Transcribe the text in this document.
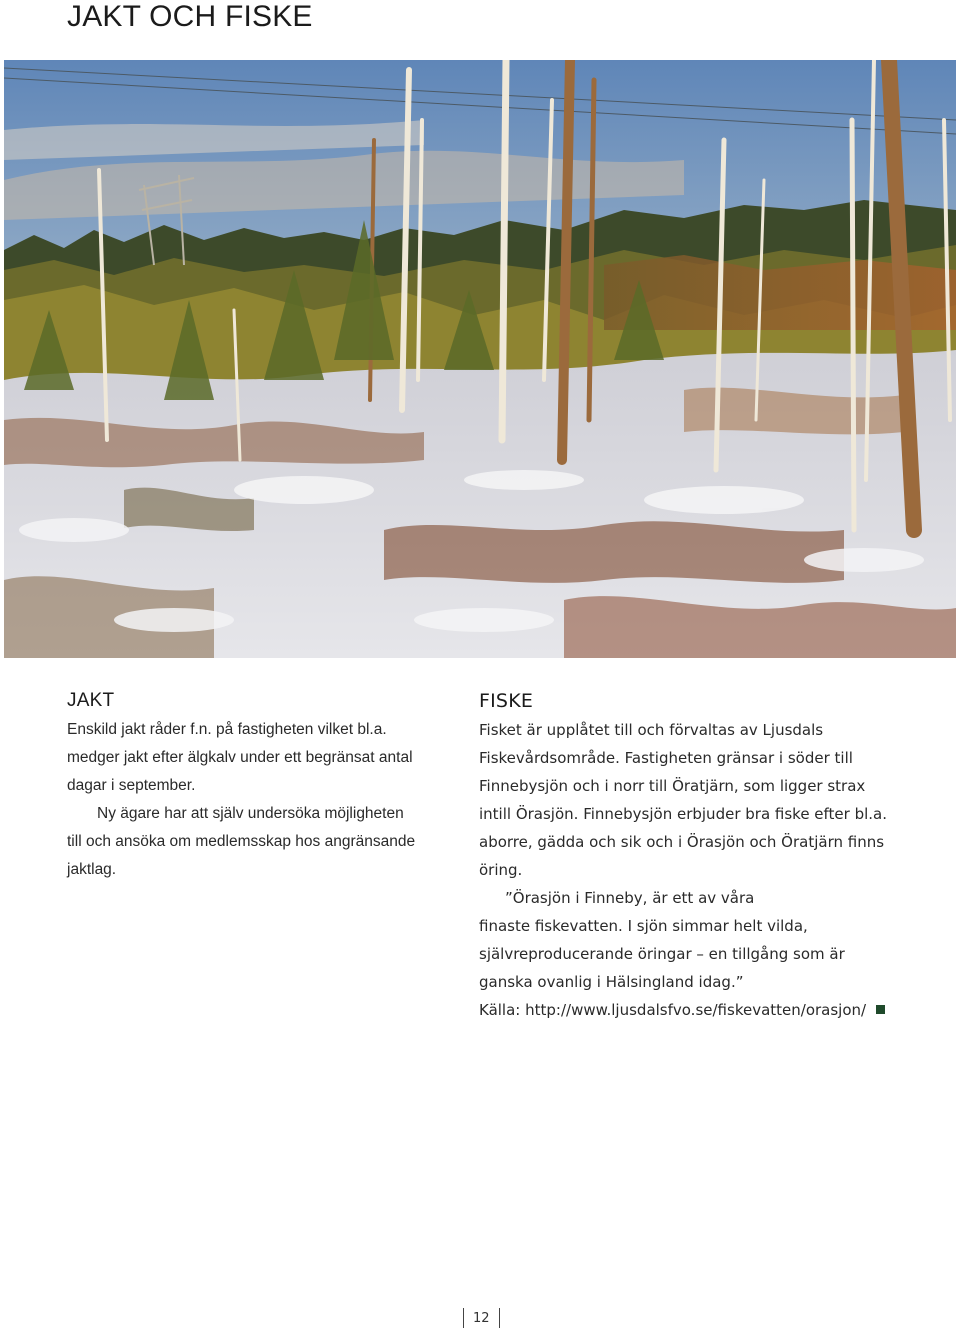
JAKT OCH FISKE
JAKT
Enskild jakt råder f.n. på fastigheten vilket bl.a.
medger jakt efter älgkalv under ett begränsat antal
dagar i september.
Ny ägare har att själv undersöka möjligheten
till och ansöka om medlemsskap hos angränsande
jaktlag.
FISKE
Fisket är upplåtet till och förvaltas av Ljusdals
Fiskevårdsområde. Fastigheten gränsar i söder till
Finnebysjön och i norr till Öratjärn, som ligger strax
intill Örasjön. Finnebysjön erbjuder bra fiske efter bl.a.
aborre, gädda och sik och i Örasjön och Öratjärn finns
öring.
”Örasjön i Finneby, är ett av våra
finaste fiskevatten. I sjön simmar helt vilda,
självreproducerande öringar – en tillgång som är
ganska ovanlig i Hälsingland idag.”
Källa: http://www.ljusdalsfvo.se/fiskevatten/orasjon/
12
